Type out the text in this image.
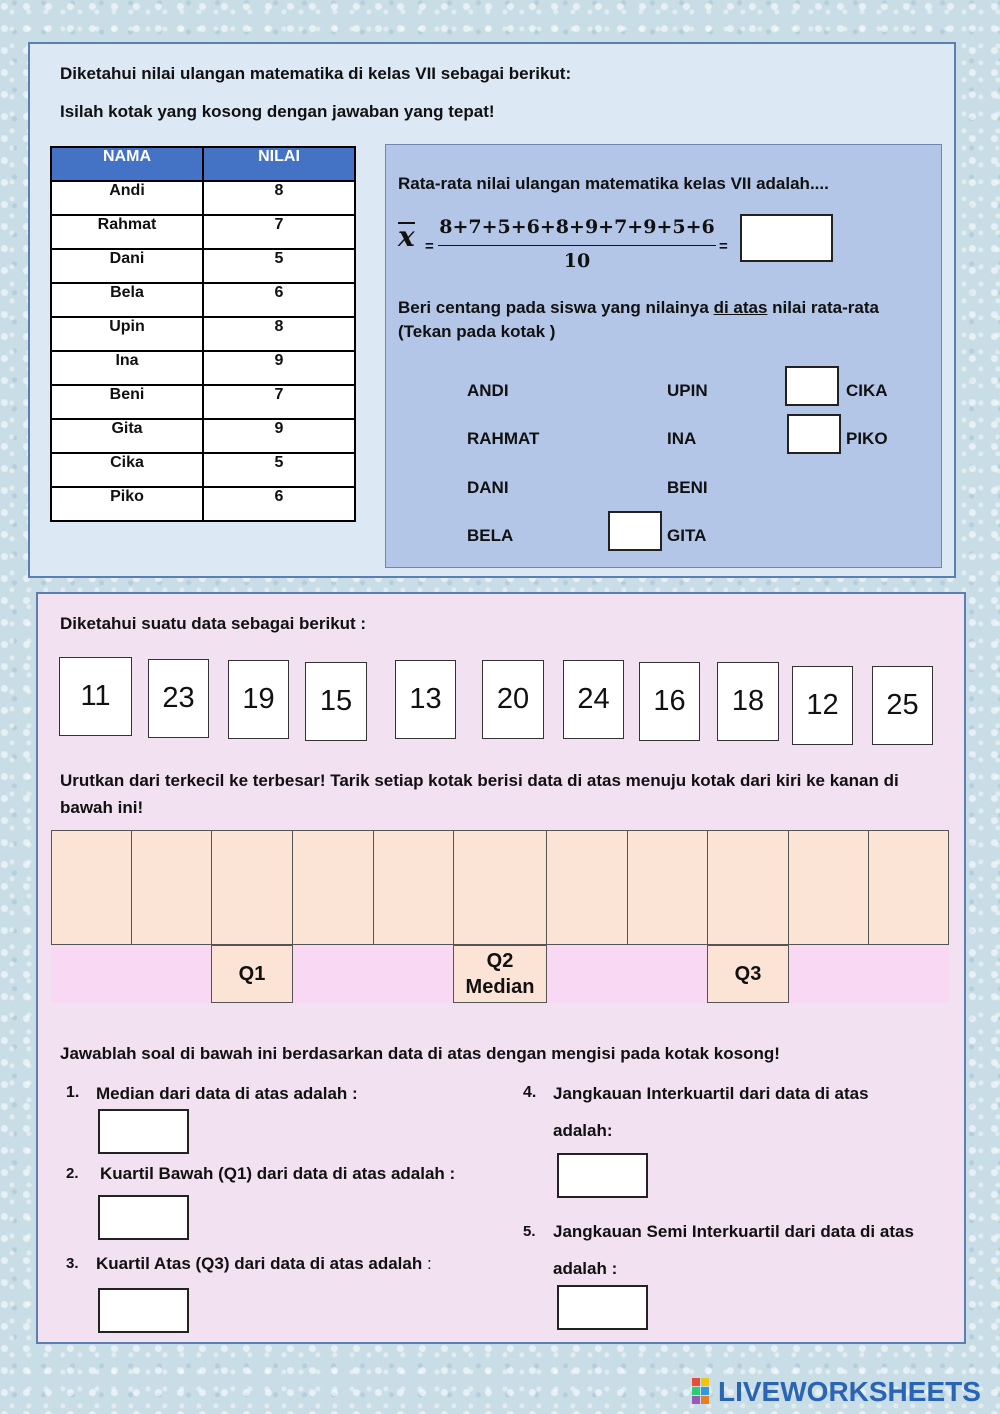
Diketahui nilai ulangan matematika di kelas VII sebagai berikut:
Isilah kotak yang kosong dengan jawaban yang tepat!
NAMA	NILAI
Andi	8
Rahmat	7
Dani	5
Bela	6
Upin	8
Ina	9
Beni	7
Gita	9
Cika	5
Piko	6
Rata-rata nilai ulangan matematika kelas VII adalah....
x =
8+7+5+6+8+9+7+9+5+6
10
=
Beri centang pada siswa yang nilainya di atas nilai rata-rata
(Tekan pada kotak )
ANDI
RAHMAT
DANI
BELA
UPIN
INA
BENI
GITA
CIKA
PIKO
Diketahui suatu data sebagai berikut :
11	23	19	15	13	20	24	16	18	12	25
Urutkan dari terkecil ke terbesar! Tarik setiap kotak berisi data di atas menuju kotak dari kiri ke kanan di bawah ini!
Q1
Q2
Median
Q3
Jawablah soal di bawah ini berdasarkan data di atas dengan mengisi pada kotak kosong!
1. Median dari data di atas adalah :
2. Kuartil Bawah (Q1) dari data di atas adalah :
3. Kuartil Atas (Q3) dari data di atas adalah :
4. Jangkauan Interkuartil dari data di atas
adalah:
5. Jangkauan Semi Interkuartil dari data di atas
adalah :
LIVEWORKSHEETS
